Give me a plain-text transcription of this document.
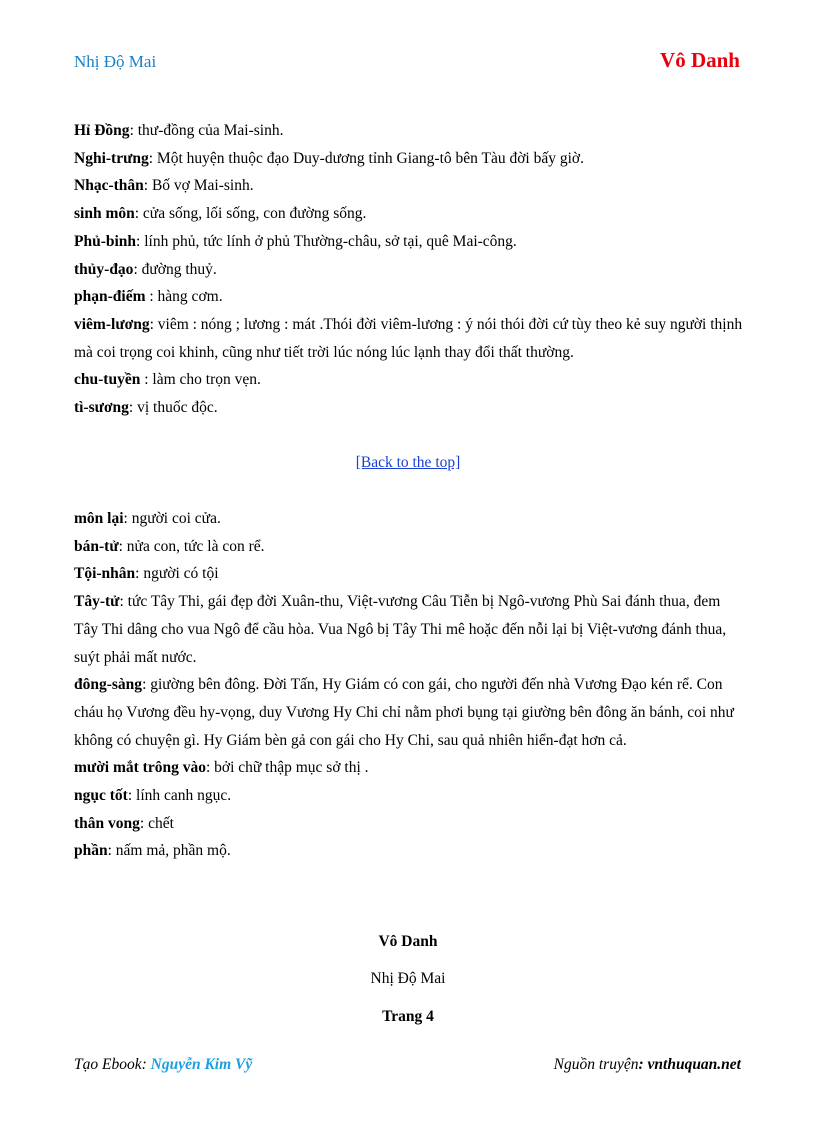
Nhị Độ Mai	Vô Danh
Hỉ Đồng: thư-đồng của Mai-sinh.
Nghi-trưng: Một huyện thuộc đạo Duy-dương tỉnh Giang-tô bên Tàu đời bấy giờ.
Nhạc-thân: Bố vợ Mai-sinh.
sinh môn: cửa sống, lối sống, con đường sống.
Phủ-binh: lính phủ, tức lính ở phủ Thường-châu, sở tại, quê Mai-công.
thủy-đạo: đường thuỷ.
phạn-điếm : hàng cơm.
viêm-lương: viêm : nóng ; lương : mát .Thói đời viêm-lương : ý nói thói đời cứ tùy theo kẻ suy người thịnh mà coi trọng coi khinh, cũng như tiết trời lúc nóng lúc lạnh thay đổi thất thường.
chu-tuyền : làm cho trọn vẹn.
tì-sương: vị thuốc độc.
[Back to the top]
môn lại: người coi cửa.
bán-tử: nửa con, tức là con rể.
Tội-nhân: người có tội
Tây-tử: tức Tây Thi, gái đẹp đời Xuân-thu, Việt-vương Câu Tiễn bị Ngô-vương Phù Sai đánh thua, đem Tây Thi dâng cho vua Ngô để cầu hòa. Vua Ngô bị Tây Thi mê hoặc đến nỗi lại bị Việt-vương đánh thua, suýt phải mất nước.
đông-sàng: giường bên đông. Đời Tấn, Hy Giám có con gái, cho người đến nhà Vương Đạo kén rể. Con cháu họ Vương đều hy-vọng, duy Vương Hy Chi chỉ nằm phơi bụng tại giường bên đông ăn bánh, coi như không có chuyện gì. Hy Giám bèn gả con gái cho Hy Chi, sau quả nhiên hiển-đạt hơn cả.
mười mắt trông vào: bởi chữ thập mục sở thị .
ngục tốt: lính canh ngục.
thân vong: chết
phần: nấm mả, phần mộ.
Vô Danh
Nhị Độ Mai
Trang 4
Tạo Ebook: Nguyễn Kim Vỹ	Nguồn truyện: vnthuquan.net
